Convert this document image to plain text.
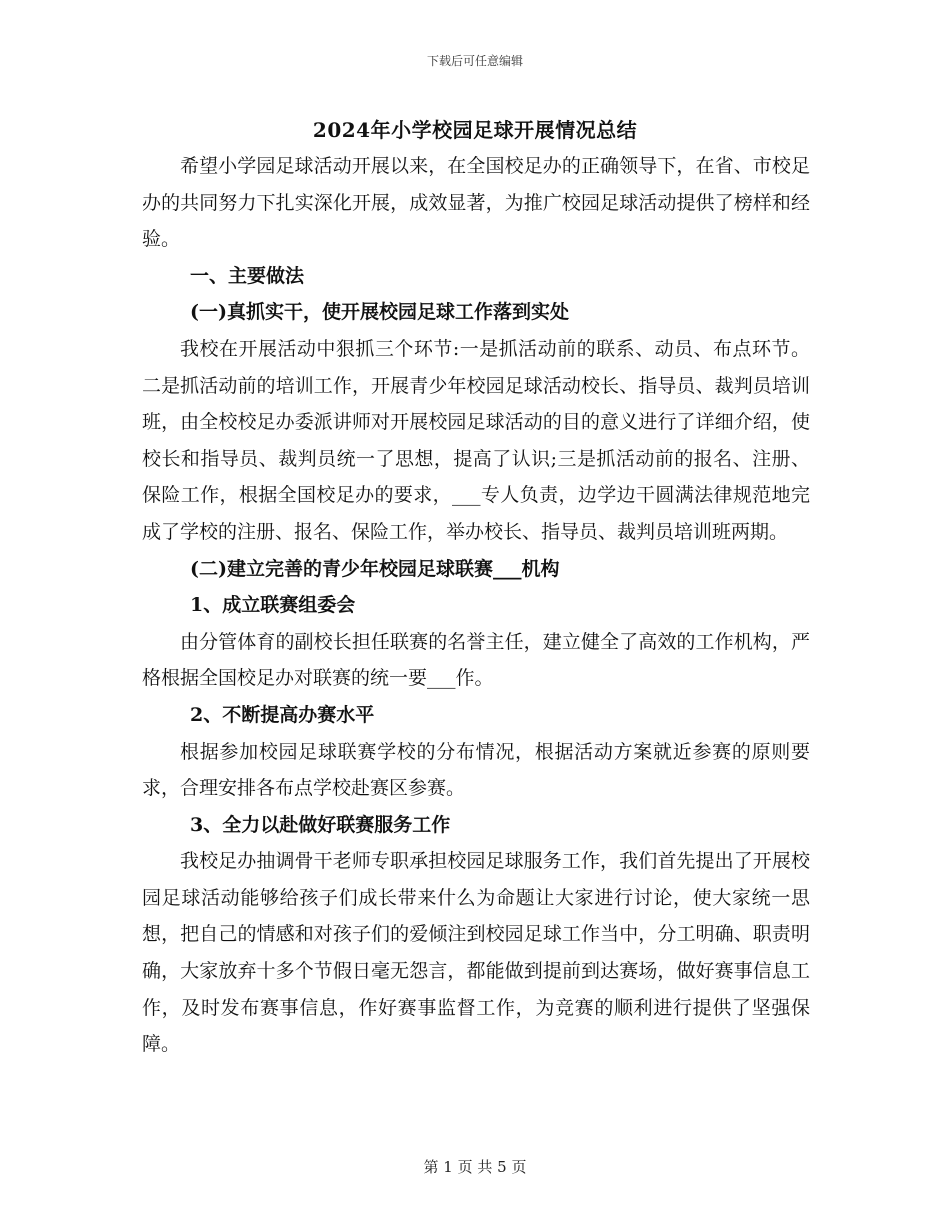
下载后可任意编辑
2024年小学校园足球开展情况总结

希望小学园足球活动开展以来，在全国校足办的正确领导下，在省、市校足办的共同努力下扎实深化开展，成效显著，为推广校园足球活动提供了榜样和经验。

一、主要做法

(一)真抓实干，使开展校园足球工作落到实处

我校在开展活动中狠抓三个环节:一是抓活动前的联系、动员、布点环节。二是抓活动前的培训工作，开展青少年校园足球活动校长、指导员、裁判员培训班，由全校校足办委派讲师对开展校园足球活动的目的意义进行了详细介绍，使校长和指导员、裁判员统一了思想，提高了认识;三是抓活动前的报名、注册、保险工作，根据全国校足办的要求，___专人负责，边学边干圆满法律规范地完成了学校的注册、报名、保险工作，举办校长、指导员、裁判员培训班两期。

(二)建立完善的青少年校园足球联赛___机构

1、成立联赛组委会

由分管体育的副校长担任联赛的名誉主任，建立健全了高效的工作机构，严格根据全国校足办对联赛的统一要___作。

2、不断提高办赛水平

根据参加校园足球联赛学校的分布情况，根据活动方案就近参赛的原则要求，合理安排各布点学校赴赛区参赛。

3、全力以赴做好联赛服务工作

我校足办抽调骨干老师专职承担校园足球服务工作，我们首先提出了开展校园足球活动能够给孩子们成长带来什么为命题让大家进行讨论，使大家统一思想，把自己的情感和对孩子们的爱倾注到校园足球工作当中，分工明确、职责明确，大家放弃十多个节假日毫无怨言，都能做到提前到达赛场，做好赛事信息工作，及时发布赛事信息，作好赛事监督工作，为竞赛的顺利进行提供了坚强保障。

第 1 页 共 5 页
